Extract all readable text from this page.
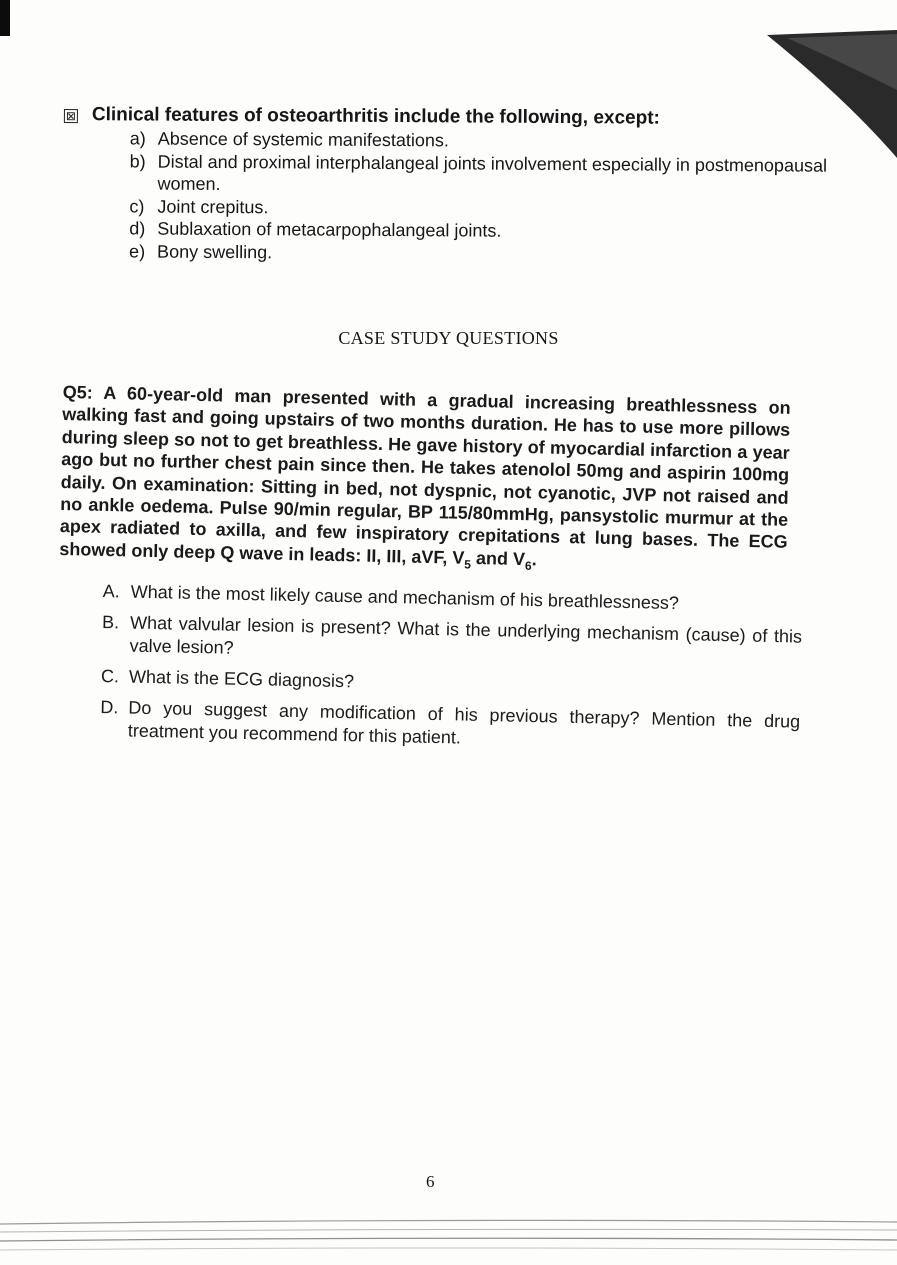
⊠ Clinical features of osteoarthritis include the following, except:
a) Absence of systemic manifestations.
b) Distal and proximal interphalangeal joints involvement especially in postmenopausal women.
c) Joint crepitus.
d) Sublaxation of metacarpophalangeal joints.
e) Bony swelling.
CASE STUDY QUESTIONS

Q5: A 60-year-old man presented with a gradual increasing breathlessness on walking fast and going upstairs of two months duration. He has to use more pillows during sleep so not to get breathless. He gave history of myocardial infarction a year ago but no further chest pain since then. He takes atenolol 50mg and aspirin 100mg daily. On examination: Sitting in bed, not dyspnic, not cyanotic, JVP not raised and no ankle oedema. Pulse 90/min regular, BP 115/80mmHg, pansystolic murmur at the apex radiated to axilla, and few inspiratory crepitations at lung bases. The ECG showed only deep Q wave in leads: II, III, aVF, $V_5$ and $V_6$.

A. What is the most likely cause and mechanism of his breathlessness?
B. What valvular lesion is present? What is the underlying mechanism (cause) of this valve lesion?
C. What is the ECG diagnosis?
D. Do you suggest any modification of his previous therapy? Mention the drug treatment you recommend for this patient.
6
